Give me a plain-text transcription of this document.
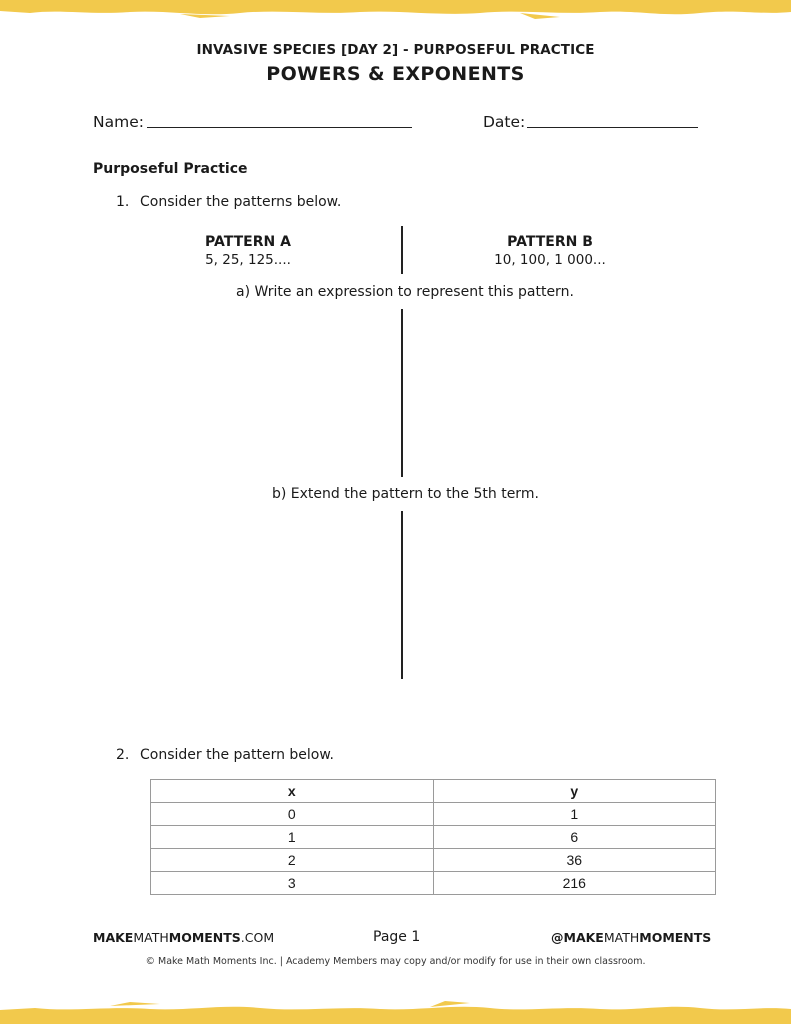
INVASIVE SPECIES [DAY 2] - PURPOSEFUL PRACTICE
POWERS & EXPONENTS
Name:	Date:
Purposeful Practice
1. Consider the patterns below.
PATTERN A
5, 25, 125....
PATTERN B
10, 100, 1 000...
a) Write an expression to represent this pattern.
b) Extend the pattern to the 5th term.
2. Consider the pattern below.
x	y
0	1
1	6
2	36
3	216
MAKEMATHMOMENTS.COM	Page 1	@MAKEMATHMOMENTS
© Make Math Moments Inc. | Academy Members may copy and/or modify for use in their own classroom.
